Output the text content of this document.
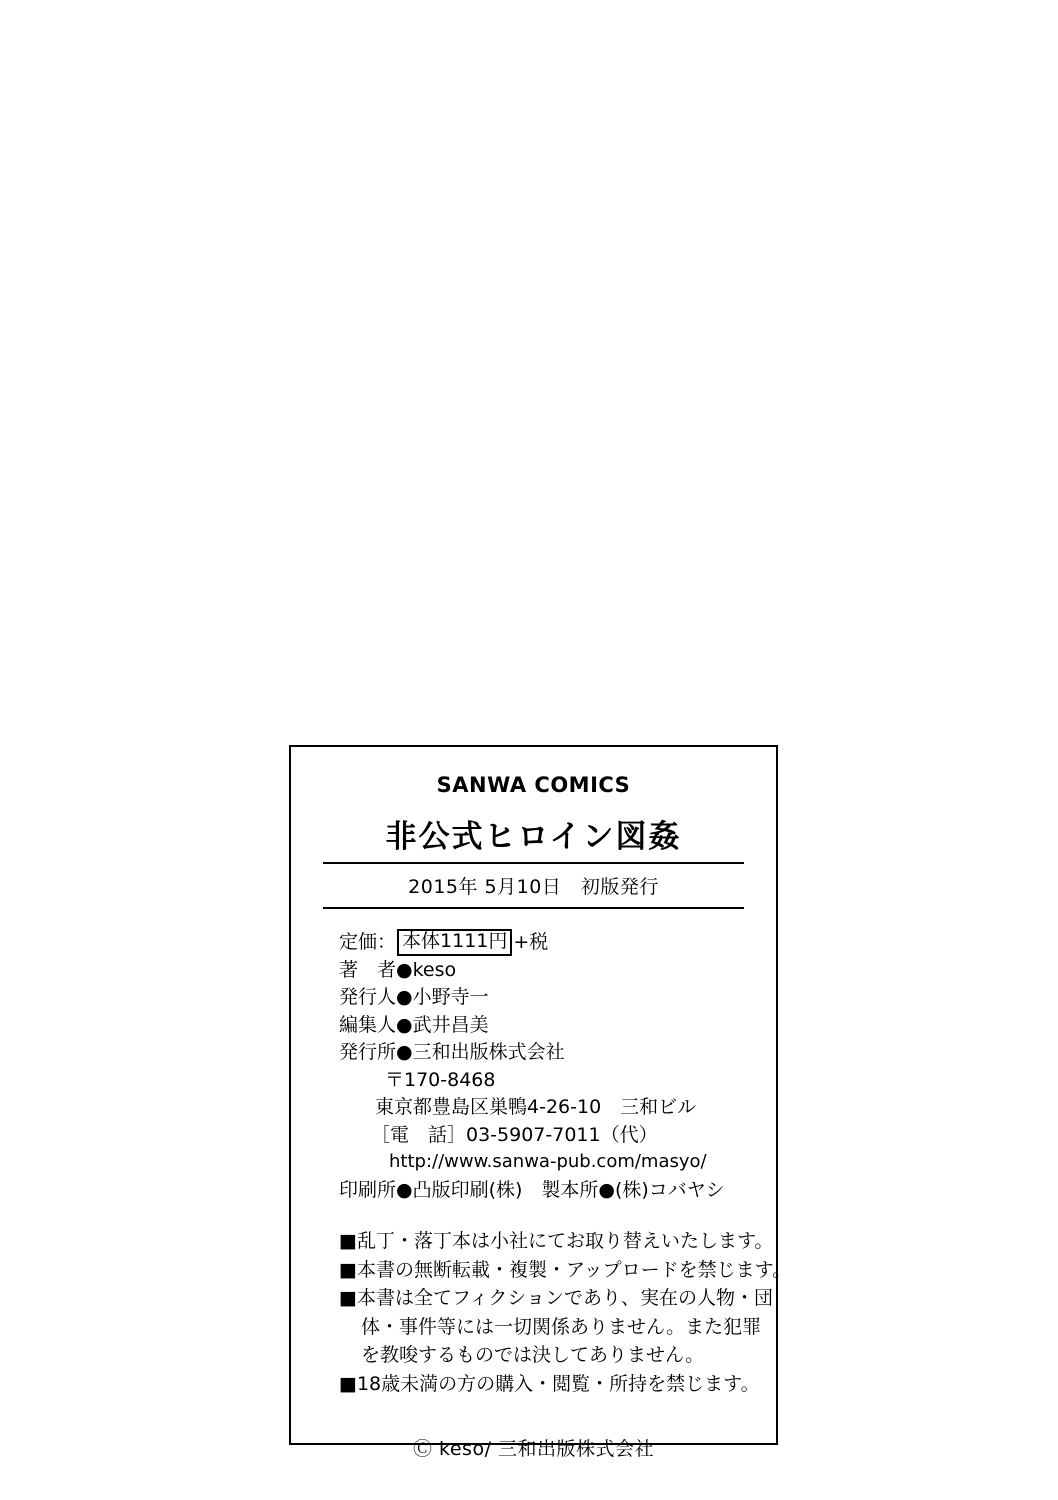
SANWA COMICS
非公式ヒロイン図姦
2015年 5月10日　初版発行
定価： 本体1111円 +税
著　者●keso
発行人●小野寺一
編集人●武井昌美
発行所●三和出版株式会社
〒170-8468
東京都豊島区巣鴨4-26-10　三和ビル
［電　話］03-5907-7011（代）
http://www.sanwa-pub.com/masyo/
印刷所●凸版印刷(株)　製本所●(株)コバヤシ
■乱丁・落丁本は小社にてお取り替えいたします。
■本書の無断転載・複製・アップロードを禁じます。
■本書は全てフィクションであり、実在の人物・団
体・事件等には一切関係ありません。また犯罪
を教唆するものでは決してありません。
■18歳未満の方の購入・閲覧・所持を禁じます。
Ⓒ keso/ 三和出版株式会社
